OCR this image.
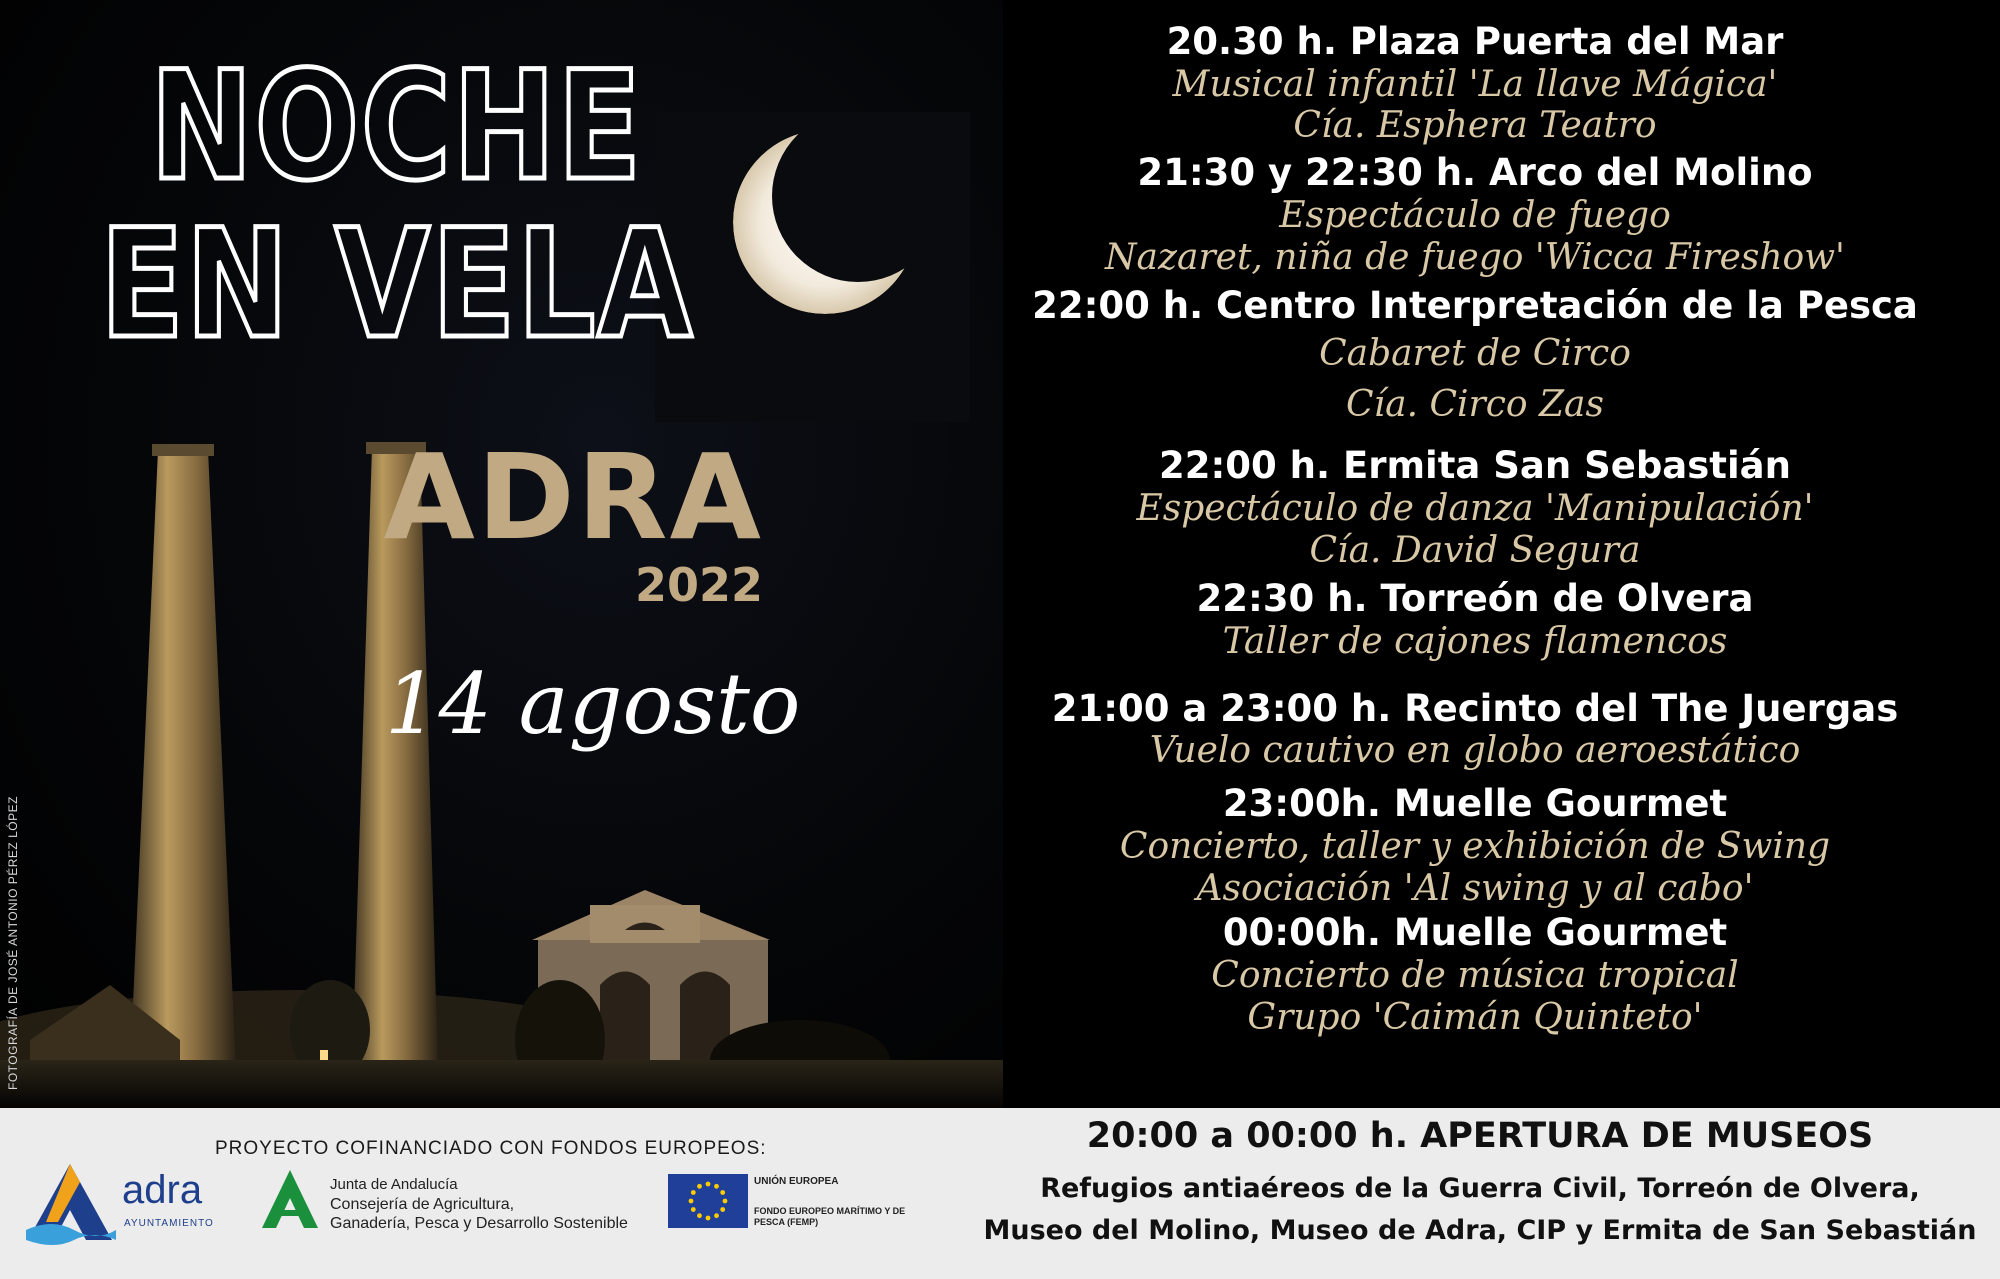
NOCHE
EN VELA
ADRA
2022
14 agosto
FOTOGRAFÍA DE JOSÉ ANTONIO PÉREZ LÓPEZ
20.30 h. Plaza Puerta del Mar
Musical infantil 'La llave Mágica'
Cía. Esphera Teatro
21:30 y 22:30 h. Arco del Molino
Espectáculo de fuego
Nazaret, niña de fuego 'Wicca Fireshow'
22:00 h. Centro Interpretación de la Pesca
Cabaret de Circo
Cía. Circo Zas
22:00 h. Ermita San Sebastián
Espectáculo de danza 'Manipulación'
Cía. David Segura
22:30 h. Torreón de Olvera
Taller de cajones flamencos
21:00 a 23:00 h. Recinto del The Juergas
Vuelo cautivo en globo aeroestático
23:00h. Muelle Gourmet
Concierto, taller y exhibición de Swing
Asociación 'Al swing y al cabo'
00:00h. Muelle Gourmet
Concierto de música tropical
Grupo 'Caimán Quinteto'
PROYECTO COFINANCIADO CON FONDOS EUROPEOS:
adra
AYUNTAMIENTO
Junta de Andalucía
Consejería de Agricultura,
Ganadería, Pesca y Desarrollo Sostenible
UNIÓN EUROPEA
FONDO EUROPEO MARÍTIMO Y DE PESCA (FEMP)
20:00 a 00:00 h. APERTURA DE MUSEOS
Refugios antiaéreos de la Guerra Civil, Torreón de Olvera,
Museo del Molino, Museo de Adra, CIP y Ermita de San Sebastián
